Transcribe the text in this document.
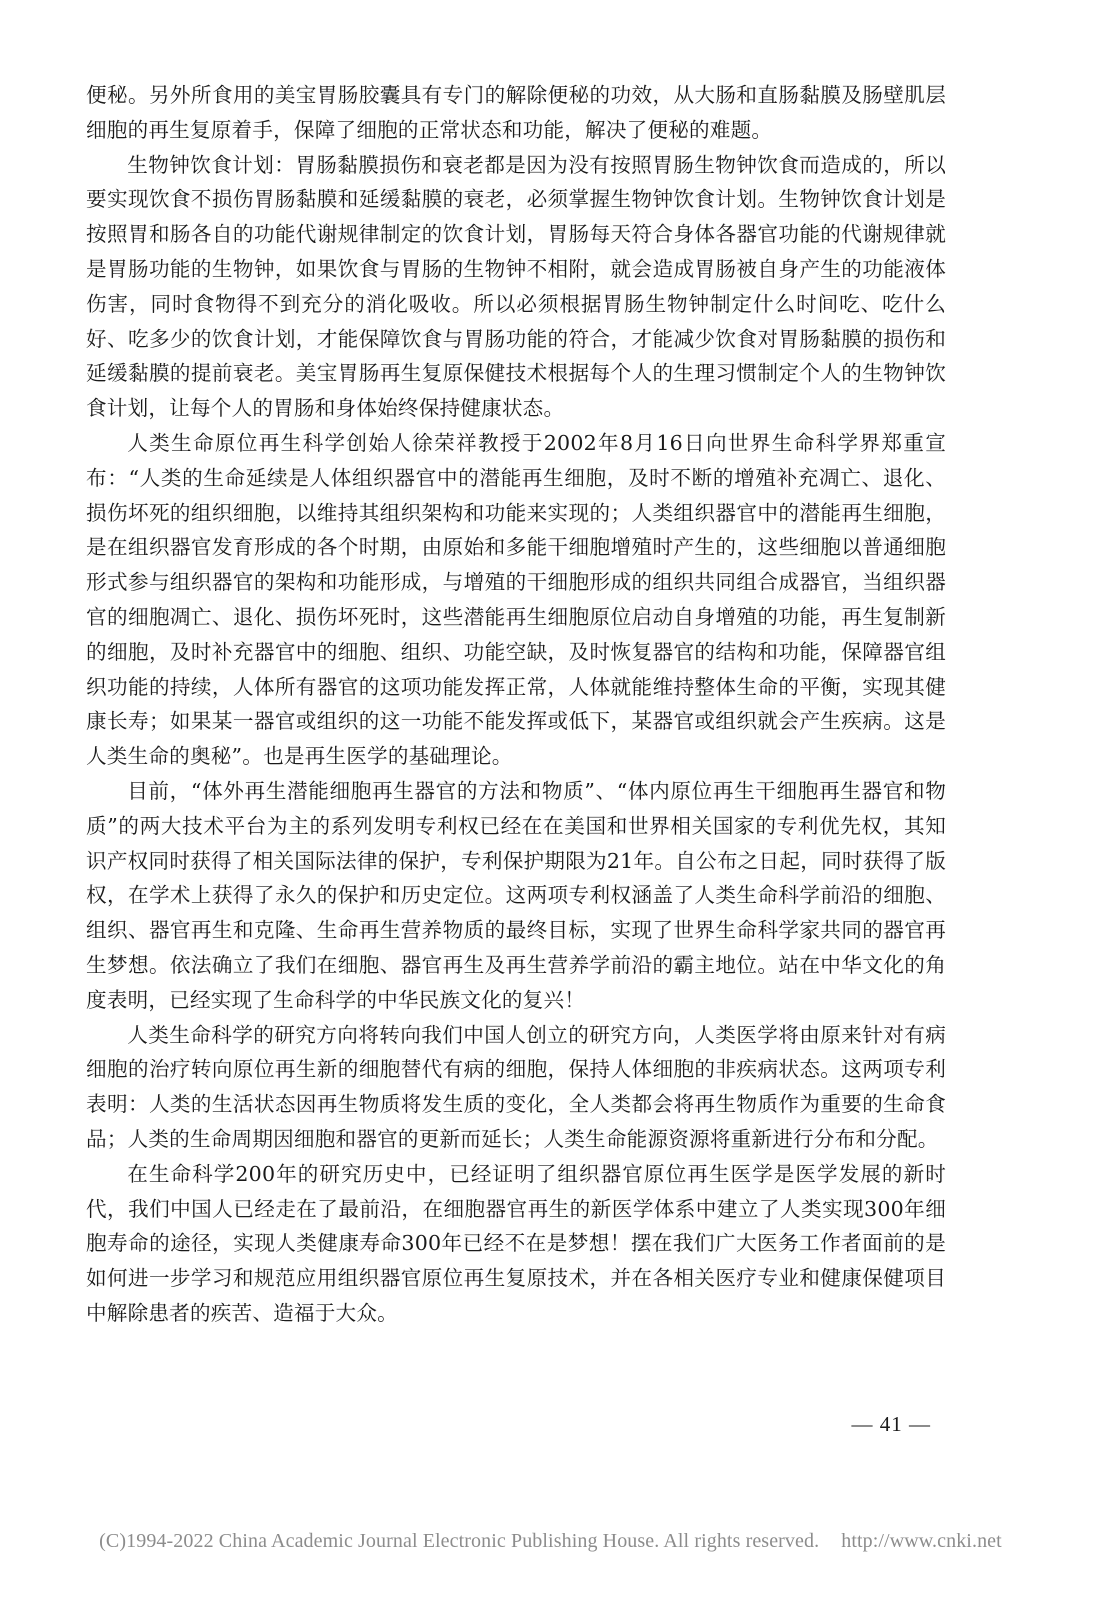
便秘。另外所食用的美宝胃肠胶囊具有专门的解除便秘的功效，从大肠和直肠黏膜及肠壁肌层细胞的再生复原着手，保障了细胞的正常状态和功能，解决了便秘的难题。

生物钟饮食计划：胃肠黏膜损伤和衰老都是因为没有按照胃肠生物钟饮食而造成的，所以要实现饮食不损伤胃肠黏膜和延缓黏膜的衰老，必须掌握生物钟饮食计划。生物钟饮食计划是按照胃和肠各自的功能代谢规律制定的饮食计划，胃肠每天符合身体各器官功能的代谢规律就是胃肠功能的生物钟，如果饮食与胃肠的生物钟不相附，就会造成胃肠被自身产生的功能液体伤害，同时食物得不到充分的消化吸收。所以必须根据胃肠生物钟制定什么时间吃、吃什么好、吃多少的饮食计划，才能保障饮食与胃肠功能的符合，才能减少饮食对胃肠黏膜的损伤和延缓黏膜的提前衰老。美宝胃肠再生复原保健技术根据每个人的生理习惯制定个人的生物钟饮食计划，让每个人的胃肠和身体始终保持健康状态。

人类生命原位再生科学创始人徐荣祥教授于2002年8月16日向世界生命科学界郑重宣布：“人类的生命延续是人体组织器官中的潜能再生细胞，及时不断的增殖补充凋亡、退化、损伤坏死的组织细胞，以维持其组织架构和功能来实现的；人类组织器官中的潜能再生细胞，是在组织器官发育形成的各个时期，由原始和多能干细胞增殖时产生的，这些细胞以普通细胞形式参与组织器官的架构和功能形成，与增殖的干细胞形成的组织共同组合成器官，当组织器官的细胞凋亡、退化、损伤坏死时，这些潜能再生细胞原位启动自身增殖的功能，再生复制新的细胞，及时补充器官中的细胞、组织、功能空缺，及时恢复器官的结构和功能，保障器官组织功能的持续，人体所有器官的这项功能发挥正常，人体就能维持整体生命的平衡，实现其健康长寿；如果某一器官或组织的这一功能不能发挥或低下，某器官或组织就会产生疾病。这是人类生命的奥秘”。也是再生医学的基础理论。

目前，“体外再生潜能细胞再生器官的方法和物质”、“体内原位再生干细胞再生器官和物质”的两大技术平台为主的系列发明专利权已经在在美国和世界相关国家的专利优先权，其知识产权同时获得了相关国际法律的保护，专利保护期限为21年。自公布之日起，同时获得了版权，在学术上获得了永久的保护和历史定位。这两项专利权涵盖了人类生命科学前沿的细胞、组织、器官再生和克隆、生命再生营养物质的最终目标，实现了世界生命科学家共同的器官再生梦想。依法确立了我们在细胞、器官再生及再生营养学前沿的霸主地位。站在中华文化的角度表明，已经实现了生命科学的中华民族文化的复兴！

人类生命科学的研究方向将转向我们中国人创立的研究方向，人类医学将由原来针对有病细胞的治疗转向原位再生新的细胞替代有病的细胞，保持人体细胞的非疾病状态。这两项专利表明：人类的生活状态因再生物质将发生质的变化，全人类都会将再生物质作为重要的生命食品；人类的生命周期因细胞和器官的更新而延长；人类生命能源资源将重新进行分布和分配。

在生命科学200年的研究历史中，已经证明了组织器官原位再生医学是医学发展的新时代，我们中国人已经走在了最前沿，在细胞器官再生的新医学体系中建立了人类实现300年细胞寿命的途径，实现人类健康寿命300年已经不在是梦想！摆在我们广大医务工作者面前的是如何进一步学习和规范应用组织器官原位再生复原技术，并在各相关医疗专业和健康保健项目中解除患者的疾苦、造福于大众。

— 41 —
(C)1994-2022 China Academic Journal Electronic Publishing House. All rights reserved. http://www.cnki.net
